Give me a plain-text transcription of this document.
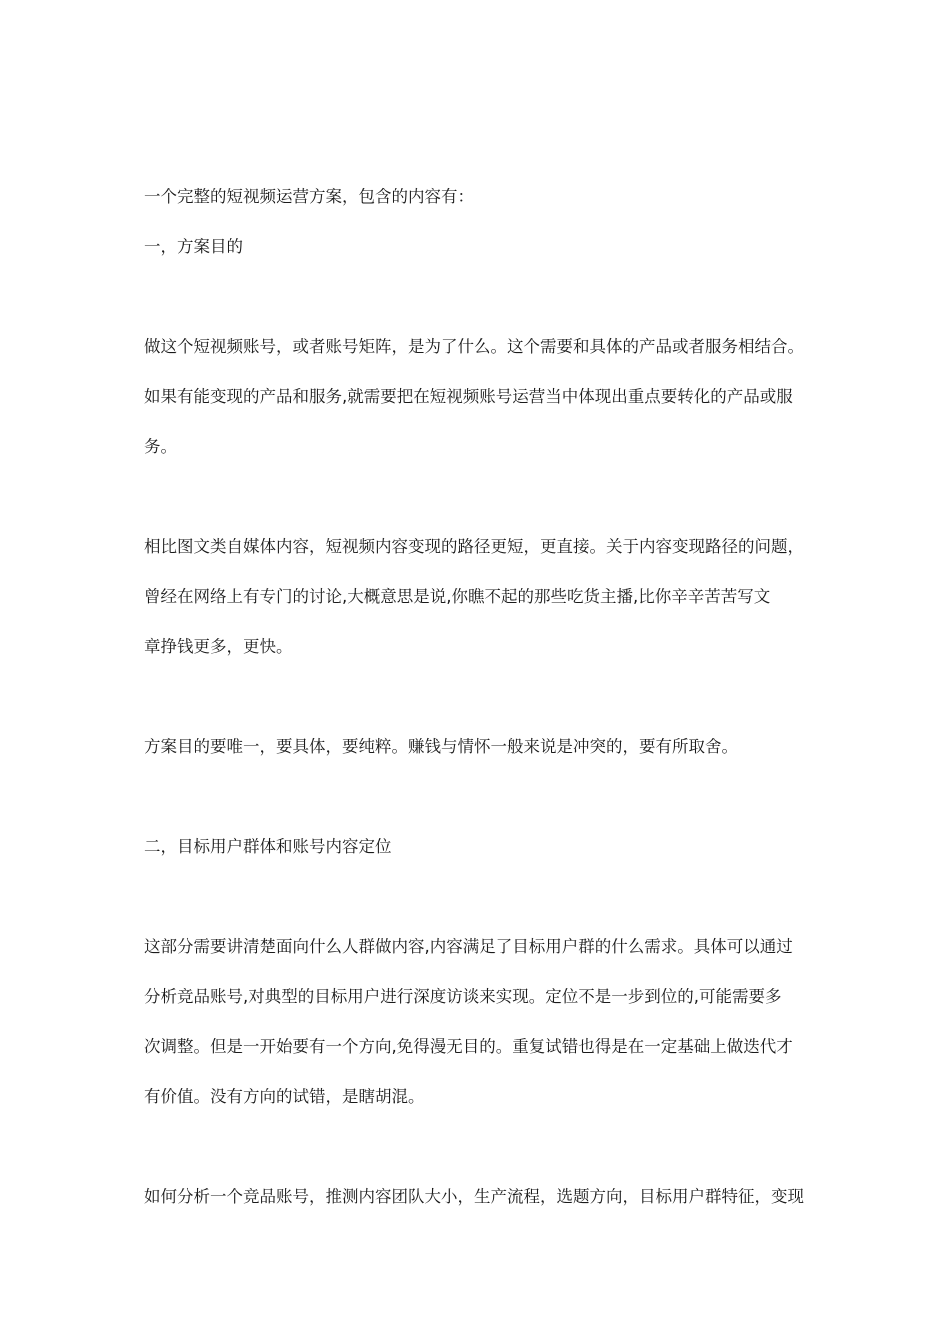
一个完整的短视频运营方案，包含的内容有：

一，方案目的

做这个短视频账号，或者账号矩阵，是为了什么。这个需要和具体的产品或者服务相结合。

如果有能变现的产品和服务,就需要把在短视频账号运营当中体现出重点要转化的产品或服

务。

相比图文类自媒体内容，短视频内容变现的路径更短，更直接。关于内容变现路径的问题，

曾经在网络上有专门的讨论,大概意思是说,你瞧不起的那些吃货主播,比你辛辛苦苦写文

章挣钱更多，更快。

方案目的要唯一，要具体，要纯粹。赚钱与情怀一般来说是冲突的，要有所取舍。

二，目标用户群体和账号内容定位

这部分需要讲清楚面向什么人群做内容,内容满足了目标用户群的什么需求。具体可以通过

分析竞品账号,对典型的目标用户进行深度访谈来实现。定位不是一步到位的,可能需要多

次调整。但是一开始要有一个方向,免得漫无目的。重复试错也得是在一定基础上做迭代才

有价值。没有方向的试错，是瞎胡混。

如何分析一个竞品账号，推测内容团队大小，生产流程，选题方向，目标用户群特征，变现
